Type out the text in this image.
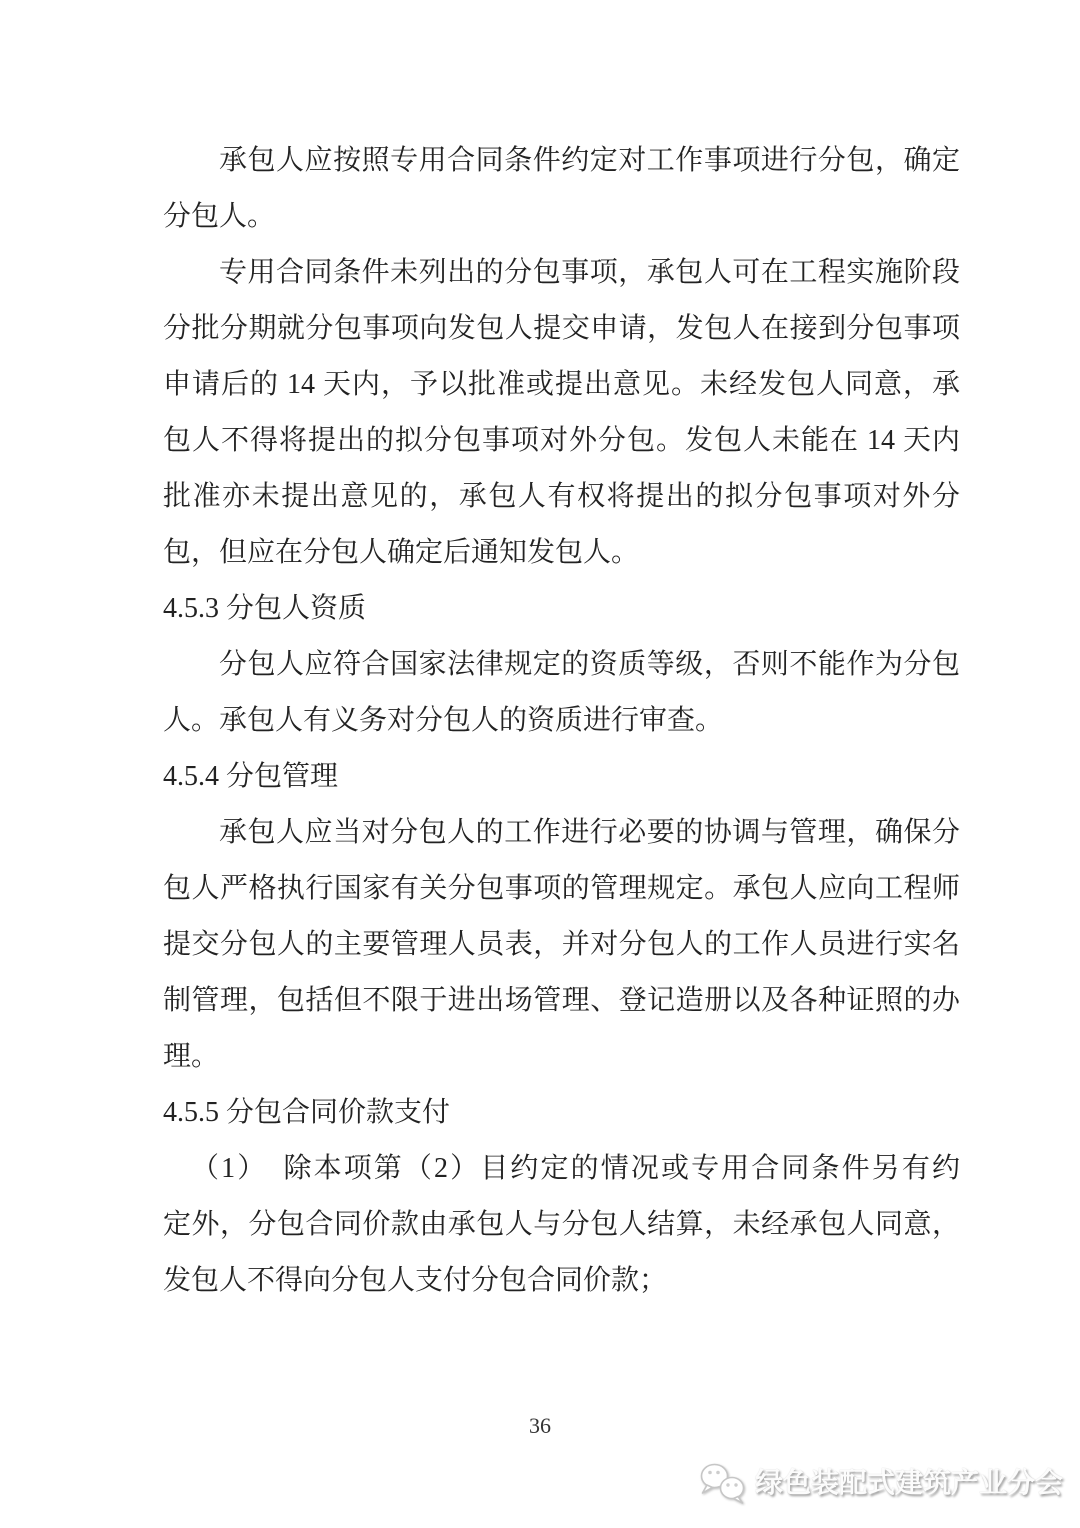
承包人应按照专用合同条件约定对工作事项进行分包，确定
分包人。
专用合同条件未列出的分包事项，承包人可在工程实施阶段
分批分期就分包事项向发包人提交申请，发包人在接到分包事项
申请后的 14 天内，予以批准或提出意见。未经发包人同意，承
包人不得将提出的拟分包事项对外分包。发包人未能在 14 天内
批准亦未提出意见的，承包人有权将提出的拟分包事项对外分
包，但应在分包人确定后通知发包人。
4.5.3 分包人资质
分包人应符合国家法律规定的资质等级，否则不能作为分包
人。承包人有义务对分包人的资质进行审查。
4.5.4 分包管理
承包人应当对分包人的工作进行必要的协调与管理，确保分
包人严格执行国家有关分包事项的管理规定。承包人应向工程师
提交分包人的主要管理人员表，并对分包人的工作人员进行实名
制管理，包括但不限于进出场管理、登记造册以及各种证照的办
理。
4.5.5 分包合同价款支付
（1）　除本项第（2）目约定的情况或专用合同条件另有约
定外，分包合同价款由承包人与分包人结算，未经承包人同意，
发包人不得向分包人支付分包合同价款；
36
绿色装配式建筑产业分会
